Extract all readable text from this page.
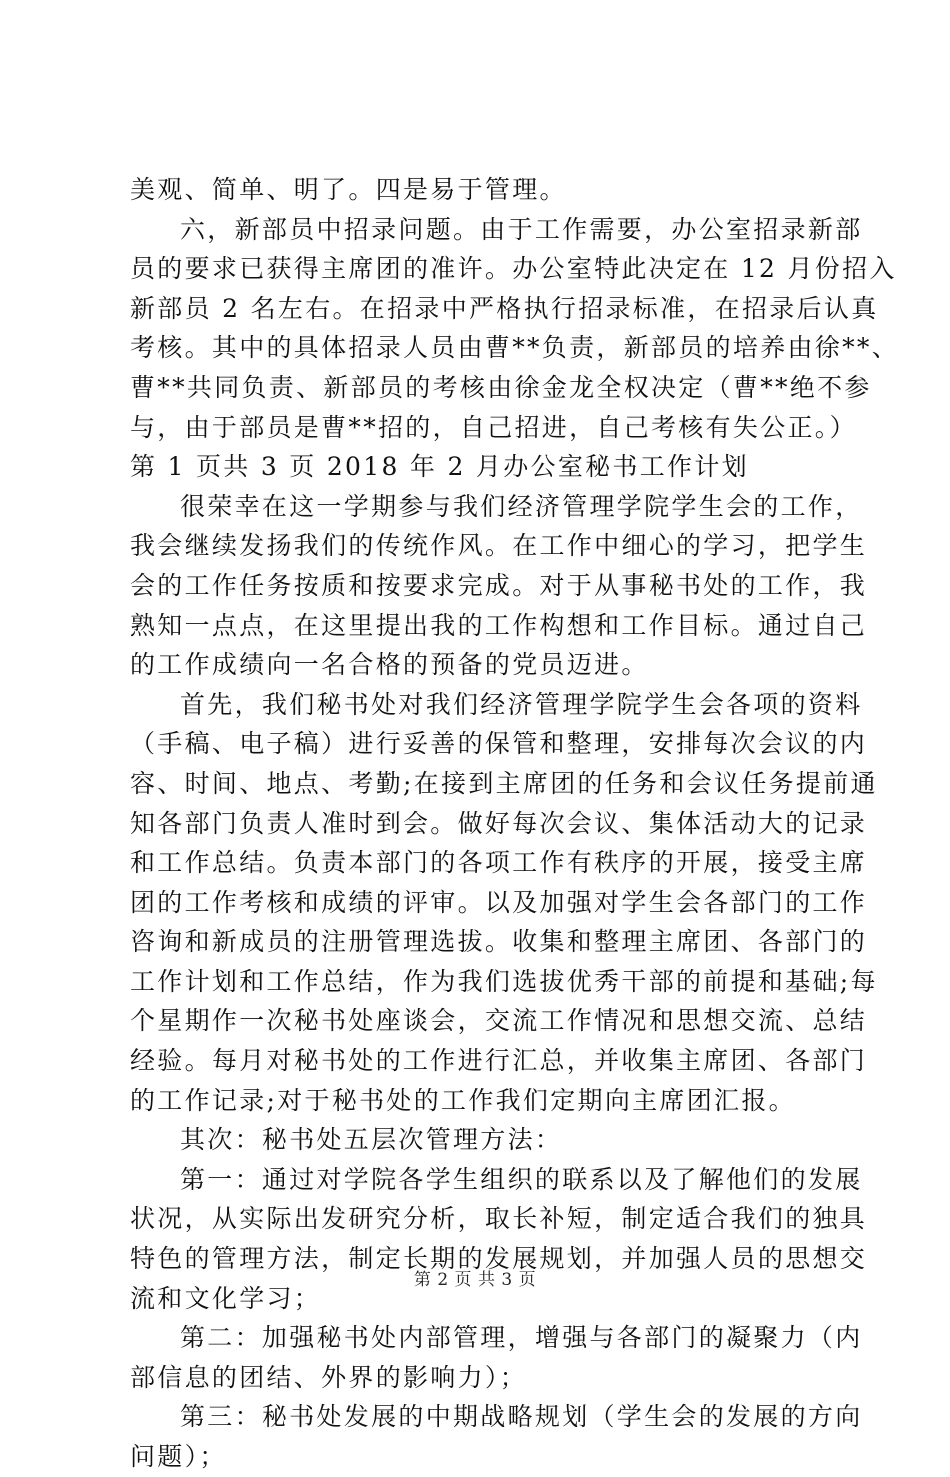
美观、简单、明了。四是易于管理。
六，新部员中招录问题。由于工作需要，办公室招录新部
员的要求已获得主席团的准许。办公室特此决定在 12 月份招入
新部员 2 名左右。在招录中严格执行招录标准，在招录后认真
考核。其中的具体招录人员由曹**负责，新部员的培养由徐**、
曹**共同负责、新部员的考核由徐金龙全权决定（曹**绝不参
与，由于部员是曹**招的，自己招进，自己考核有失公正。）
第 1 页共 3 页 2018 年 2 月办公室秘书工作计划
很荣幸在这一学期参与我们经济管理学院学生会的工作，
我会继续发扬我们的传统作风。在工作中细心的学习，把学生
会的工作任务按质和按要求完成。对于从事秘书处的工作，我
熟知一点点，在这里提出我的工作构想和工作目标。通过自己
的工作成绩向一名合格的预备的党员迈进。
首先，我们秘书处对我们经济管理学院学生会各项的资料
（手稿、电子稿）进行妥善的保管和整理，安排每次会议的内
容、时间、地点、考勤;在接到主席团的任务和会议任务提前通
知各部门负责人准时到会。做好每次会议、集体活动大的记录
和工作总结。负责本部门的各项工作有秩序的开展，接受主席
团的工作考核和成绩的评审。以及加强对学生会各部门的工作
咨询和新成员的注册管理选拔。收集和整理主席团、各部门的
工作计划和工作总结，作为我们选拔优秀干部的前提和基础;每
个星期作一次秘书处座谈会，交流工作情况和思想交流、总结
经验。每月对秘书处的工作进行汇总，并收集主席团、各部门
的工作记录;对于秘书处的工作我们定期向主席团汇报。
其次：秘书处五层次管理方法：
第一：通过对学院各学生组织的联系以及了解他们的发展
状况，从实际出发研究分析，取长补短，制定适合我们的独具
特色的管理方法，制定长期的发展规划，并加强人员的思想交
流和文化学习；
第二：加强秘书处内部管理，增强与各部门的凝聚力（内
部信息的团结、外界的影响力）；
第三：秘书处发展的中期战略规划（学生会的发展的方向
问题）；
第 2 页 共 3 页
